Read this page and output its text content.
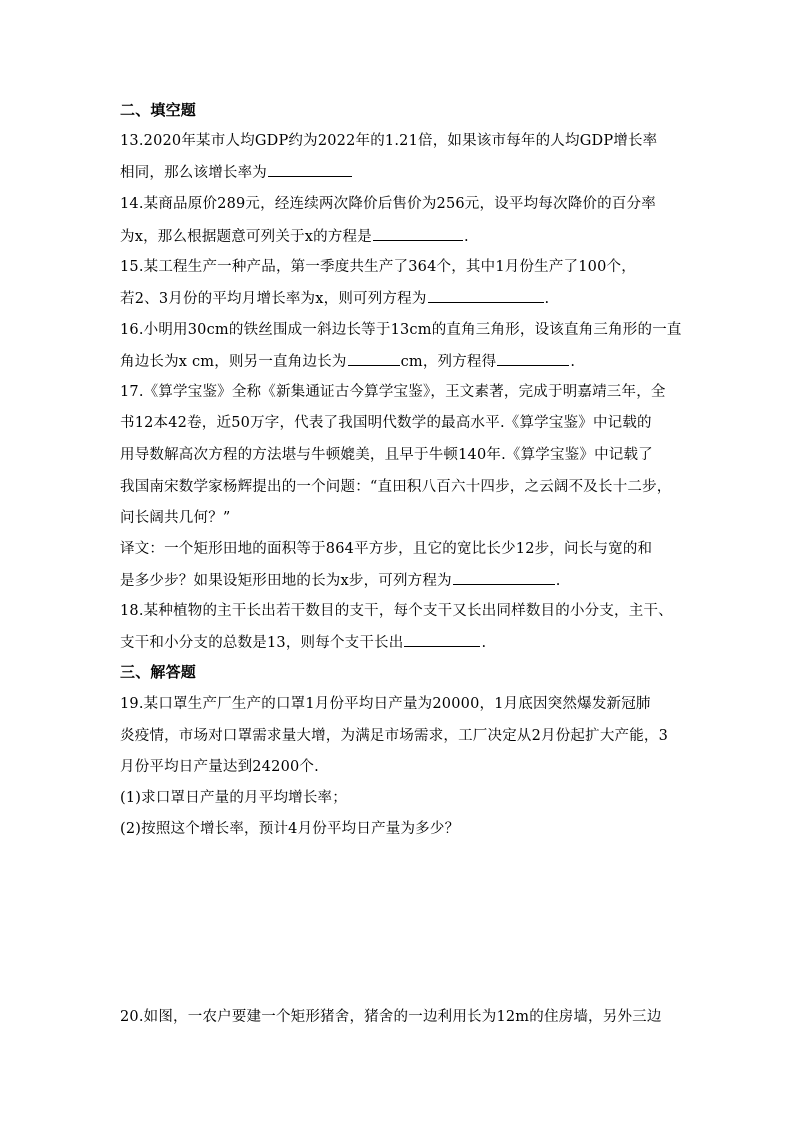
二、填空题
13.2020年某市人均GDP约为2022年的1.21倍，如果该市每年的人均GDP增长率
相同，那么该增长率为
14.某商品原价289元，经连续两次降价后售价为256元，设平均每次降价的百分率
为x，那么根据题意可列关于x的方程是	.
15.某工程生产一种产品，第一季度共生产了364个，其中1月份生产了100个，
若2、3月份的平均月增长率为x，则可列方程为	.
16.小明用30cm的铁丝围成一斜边长等于13cm的直角三角形，设该直角三角形的一直
角边长为x cm，则另一直角边长为	cm，列方程得	.
17.《算学宝鉴》全称《新集通证古今算学宝鉴》，王文素著，完成于明嘉靖三年，全
书12本42卷，近50万字，代表了我国明代数学的最高水平.《算学宝鉴》中记载的
用导数解高次方程的方法堪与牛顿媲美，且早于牛顿140年.《算学宝鉴》中记载了
我国南宋数学家杨辉提出的一个问题：“直田积八百六十四步，之云阔不及长十二步，
问长阔共几何？”
译文：一个矩形田地的面积等于864平方步，且它的宽比长少12步，问长与宽的和
是多少步？如果设矩形田地的长为x步，可列方程为	.
18.某种植物的主干长出若干数目的支干，每个支干又长出同样数目的小分支，主干、
支干和小分支的总数是13，则每个支干长出	.
三、解答题
19.某口罩生产厂生产的口罩1月份平均日产量为20000，1月底因突然爆发新冠肺
炎疫情，市场对口罩需求量大增，为满足市场需求，工厂决定从2月份起扩大产能，3
月份平均日产量达到24200个.
(1)求口罩日产量的月平均增长率；
(2)按照这个增长率，预计4月份平均日产量为多少？
20.如图，一农户要建一个矩形猪舍，猪舍的一边利用长为12m的住房墙，另外三边
